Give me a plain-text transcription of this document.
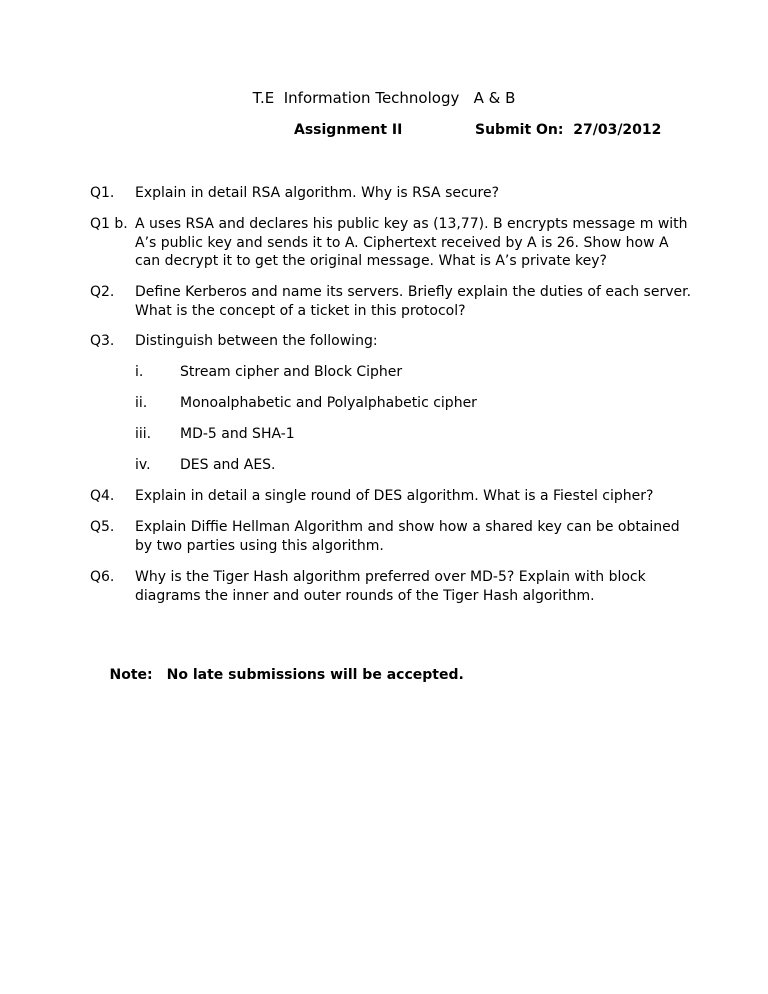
T.E  Information Technology   A & B
Assignment II	Submit On:  27/03/2012
Q1. Explain in detail RSA algorithm. Why is RSA secure?
Q1 b. A uses RSA and declares his public key as (13,77). B encrypts message m with A’s public key and sends it to A. Ciphertext received by A is 26. Show how A can decrypt it to get the original message. What is A’s private key?
Q2. Define Kerberos and name its servers. Briefly explain the duties of each server. What is the concept of a ticket in this protocol?
Q3. Distinguish between the following:
i.	Stream cipher and Block Cipher
ii. Monoalphabetic and Polyalphabetic cipher
iii. MD-5 and SHA-1
iv. DES and AES.
Q4. Explain in detail a single round of DES algorithm. What is a Fiestel cipher?
Q5. Explain Diffie Hellman Algorithm and show how a shared key can be obtained by two parties using this algorithm.
Q6. Why is the Tiger Hash algorithm preferred over MD-5? Explain with block diagrams the inner and outer rounds of the Tiger Hash algorithm.

Note: No late submissions will be accepted.
